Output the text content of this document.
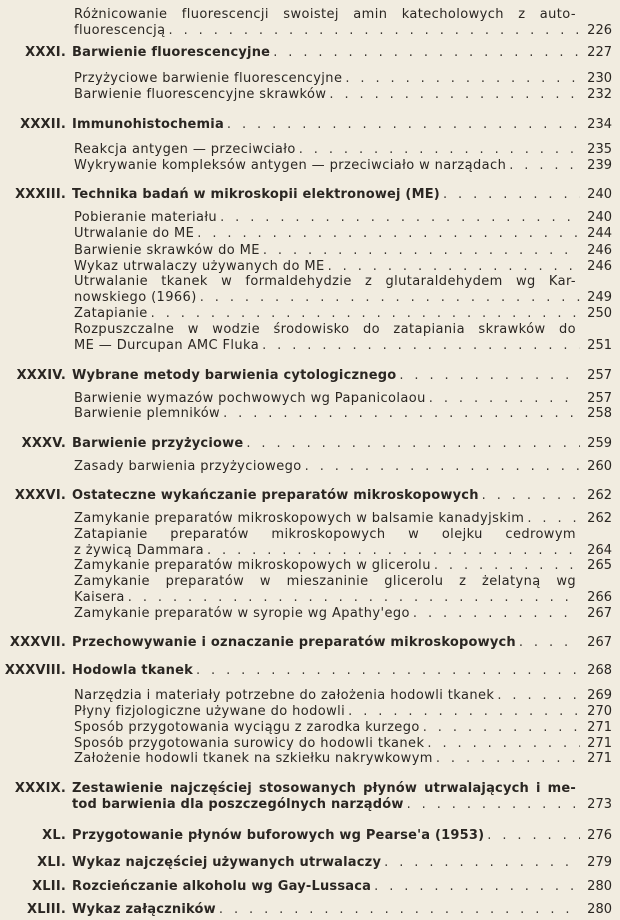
Różnicowanie fluorescencji swoistej amin katecholowych z auto-
fluorescencją . . .	226
XXXI. Barwienie fluorescencyjne . . .	227
Przyżyciowe barwienie fluorescencyjne . . .	230
Barwienie fluorescencyjne skrawków . . .	232
XXXII. Immunohistochemia . . .	234
Reakcja antygen — przeciwciało . . .	235
Wykrywanie kompleksów antygen — przeciwciało w narządach . . .	239
XXXIII. Technika badań w mikroskopii elektronowej (ME) . . .	240
Pobieranie materiału . . .	240
Utrwalanie do ME . . .	244
Barwienie skrawków do ME . . .	246
Wykaz utrwalaczy używanych do ME . . .	246
Utrwalanie tkanek w formaldehydzie z glutaraldehydem wg Kar-
nowskiego (1966) . . .	249
Zatapianie . . .	250
Rozpuszczalne w wodzie środowisko do zatapiania skrawków do
ME — Durcupan AMC Fluka . . .	251
XXXIV. Wybrane metody barwienia cytologicznego . . .	257
Barwienie wymazów pochwowych wg Papanicolaou . . .	257
Barwienie plemników . . .	258
XXXV. Barwienie przyżyciowe . . .	259
Zasady barwienia przyżyciowego . . .	260
XXXVI. Ostateczne wykańczanie preparatów mikroskopowych . . .	262
Zamykanie preparatów mikroskopowych w balsamie kanadyjskim . . .	262
Zatapianie preparatów mikroskopowych w olejku cedrowym
z żywicą Dammara . . .	264
Zamykanie preparatów mikroskopowych w glicerolu . . .	265
Zamykanie preparatów w mieszaninie glicerolu z żelatyną wg
Kaisera . . .	266
Zamykanie preparatów w syropie wg Apathy'ego . . .	267
XXXVII. Przechowywanie i oznaczanie preparatów mikroskopowych . . .	267
XXXVIII. Hodowla tkanek . . .	268
Narzędzia i materiały potrzebne do założenia hodowli tkanek . . .	269
Płyny fizjologiczne używane do hodowli . . .	270
Sposób przygotowania wyciągu z zarodka kurzego . . .	271
Sposób przygotowania surowicy do hodowli tkanek . . .	271
Założenie hodowli tkanek na szkiełku nakrywkowym . . .	271
XXXIX. Zestawienie najczęściej stosowanych płynów utrwalających i me-
tod barwienia dla poszczególnych narządów . . .	273
XL. Przygotowanie płynów buforowych wg Pearse'a (1953) . . .	276
XLI. Wykaz najczęściej używanych utrwalaczy . . .	279
XLII. Rozcieńczanie alkoholu wg Gay-Lussaca . . .	280
XLIII. Wykaz załączników . . .	280
